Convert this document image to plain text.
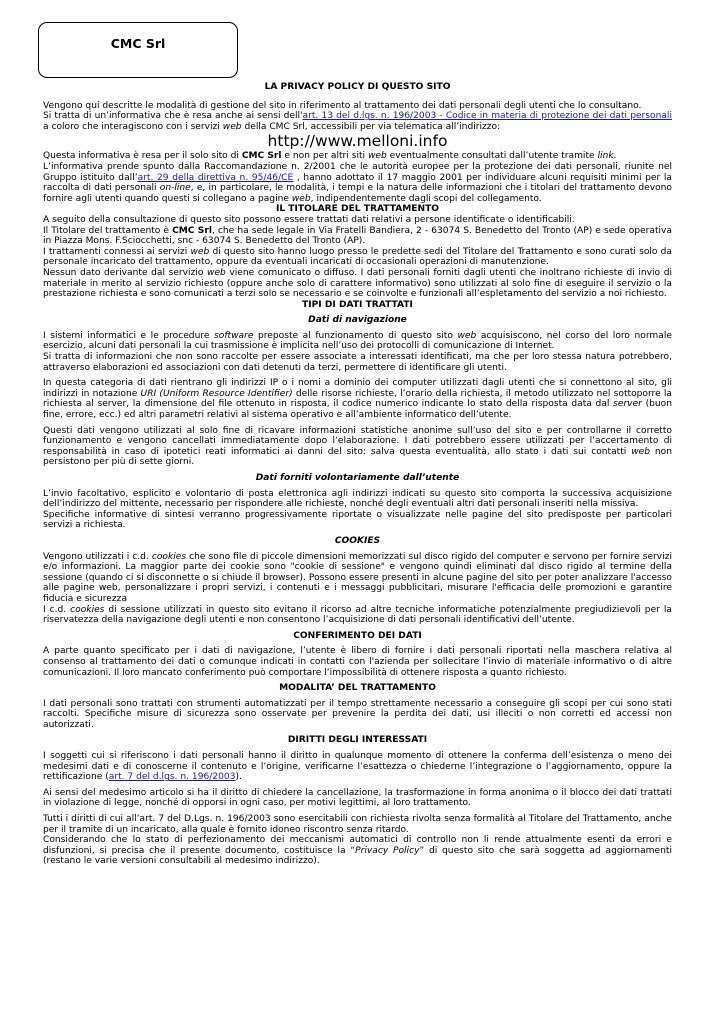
CMC Srl

LA PRIVACY POLICY DI QUESTO SITO

Vengono qui descritte le modalità di gestione del sito in riferimento al trattamento dei dati personali degli utenti che lo consultano.

Si tratta di un’informativa che è resa anche ai sensi dell'art. 13 del d.lgs. n. 196/2003 - Codice in materia di protezione dei dati personali a coloro che interagiscono con i servizi web della CMC Srl, accessibili per via telematica all’indirizzo:

http://www.melloni.info

Questa informativa è resa per il solo sito di CMC Srl e non per altri siti web eventualmente consultati dall’utente tramite link.

L’informativa prende spunto dalla Raccomandazione n. 2/2001 che le autorità europee per la protezione dei dati personali, riunite nel Gruppo istituito dall’art. 29 della direttiva n. 95/46/CE , hanno adottato il 17 maggio 2001 per individuare alcuni requisiti minimi per la raccolta di dati personali on-line, e, in particolare, le modalità, i tempi e la natura delle informazioni che i titolari del trattamento devono fornire agli utenti quando questi si collegano a pagine web, indipendentemente dagli scopi del collegamento.

IL TITOLARE DEL TRATTAMENTO

A seguito della consultazione di questo sito possono essere trattati dati relativi a persone identificate o identificabili.

Il Titolare del trattamento è CMC Srl, che ha sede legale in Via Fratelli Bandiera, 2 - 63074 S. Benedetto del Tronto (AP) e sede operativa in Piazza Mons. F.Sciocchetti, snc - 63074 S. Benedetto del Tronto (AP).

I trattamenti connessi ai servizi web di questo sito hanno luogo presso le predette sedi del Titolare del Trattamento e sono curati solo da personale incaricato del trattamento, oppure da eventuali incaricati di occasionali operazioni di manutenzione.

Nessun dato derivante dal servizio web viene comunicato o diffuso. I dati personali forniti dagli utenti che inoltrano richieste di invio di materiale in merito al servizio richiesto (oppure anche solo di carattere informativo) sono utilizzati al solo fine di eseguire il servizio o la prestazione richiesta e sono comunicati a terzi solo se necessario e se coinvolte e funzionali all’espletamento del servizio a noi richiesto.

TIPI DI DATI TRATTATI

Dati di navigazione

I sistemi informatici e le procedure software preposte al funzionamento di questo sito web acquisiscono, nel corso del loro normale esercizio, alcuni dati personali la cui trasmissione è implicita nell’uso dei protocolli di comunicazione di Internet.

Si tratta di informazioni che non sono raccolte per essere associate a interessati identificati, ma che per loro stessa natura potrebbero, attraverso elaborazioni ed associazioni con dati detenuti da terzi, permettere di identificare gli utenti.

In questa categoria di dati rientrano gli indirizzi IP o i nomi a dominio dei computer utilizzati dagli utenti che si connettono al sito, gli indirizzi in notazione URI (Uniform Resource Identifier) delle risorse richieste, l’orario della richiesta, il metodo utilizzato nel sottoporre la richiesta al server, la dimensione del file ottenuto in risposta, il codice numerico indicante lo stato della risposta data dal server (buon fine, errore, ecc.) ed altri parametri relativi al sistema operativo e all’ambiente informatico dell’utente.

Questi dati vengono utilizzati al solo fine di ricavare informazioni statistiche anonime sull’uso del sito e per controllarne il corretto funzionamento e vengono cancellati immediatamente dopo l’elaborazione. I dati potrebbero essere utilizzati per l’accertamento di responsabilità in caso di ipotetici reati informatici ai danni del sito: salva questa eventualità, allo stato i dati sui contatti web non persistono per più di sette giorni.

Dati forniti volontariamente dall’utente

L’invio facoltativo, esplicito e volontario di posta elettronica agli indirizzi indicati su questo sito comporta la successiva acquisizione dell’indirizzo del mittente, necessario per rispondere alle richieste, nonché degli eventuali altri dati personali inseriti nella missiva.

Specifiche informative di sintesi verranno progressivamente riportate o visualizzate nelle pagine del sito predisposte per particolari servizi a richiesta.

COOKIES

Vengono utilizzati i c.d. cookies che sono file di piccole dimensioni memorizzati sul disco rigido del computer e servono per fornire servizi e/o informazioni. La maggior parte dei cookie sono "cookie di sessione" e vengono quindi eliminati dal disco rigido al termine della sessione (quando ci si disconnette o si chiude il browser). Possono essere presenti in alcune pagine del sito per poter analizzare l'accesso alle pagine web, personalizzare i propri servizi, i contenuti e i messaggi pubblicitari, misurare l'efficacia delle promozioni e garantire fiducia e sicurezza

I c.d. cookies di sessione utilizzati in questo sito evitano il ricorso ad altre tecniche informatiche potenzialmente pregiudizievoli per la riservatezza della navigazione degli utenti e non consentono l’acquisizione di dati personali identificativi dell’utente.

CONFERIMENTO DEI DATI

A parte quanto specificato per i dati di navigazione, l’utente è libero di fornire i dati personali riportati nella maschera relativa al consenso al trattamento dei dati o comunque indicati in contatti con l'azienda per sollecitare l’invio di materiale informativo o di altre comunicazioni. Il loro mancato conferimento può comportare l’impossibilità di ottenere risposta a quanto richiesto.

MODALITA’ DEL TRATTAMENTO

I dati personali sono trattati con strumenti automatizzati per il tempo strettamente necessario a conseguire gli scopi per cui sono stati raccolti. Specifiche misure di sicurezza sono osservate per prevenire la perdita dei dati, usi illeciti o non corretti ed accessi non autorizzati.

DIRITTI DEGLI INTERESSATI

I soggetti cui si riferiscono i dati personali hanno il diritto in qualunque momento di ottenere la conferma dell’esistenza o meno dei medesimi dati e di conoscerne il contenuto e l’origine, verificarne l’esattezza o chiederne l’integrazione o l’aggiornamento, oppure la rettificazione (art. 7 del d.lgs. n. 196/2003).

Ai sensi del medesimo articolo si ha il diritto di chiedere la cancellazione, la trasformazione in forma anonima o il blocco dei dati trattati in violazione di legge, nonché di opporsi in ogni caso, per motivi legittimi, al loro trattamento.

Tutti i diritti di cui all’art. 7 del D.Lgs. n. 196/2003 sono esercitabili con richiesta rivolta senza formalità al Titolare del Trattamento, anche per il tramite di un incaricato, alla quale è fornito idoneo riscontro senza ritardo.

Considerando che lo stato di perfezionamento dei meccanismi automatici di controllo non li rende attualmente esenti da errori e disfunzioni, si precisa che il presente documento, costituisce la “Privacy Policy” di questo sito che sarà soggetta ad aggiornamenti (restano le varie versioni consultabili al medesimo indirizzo).
